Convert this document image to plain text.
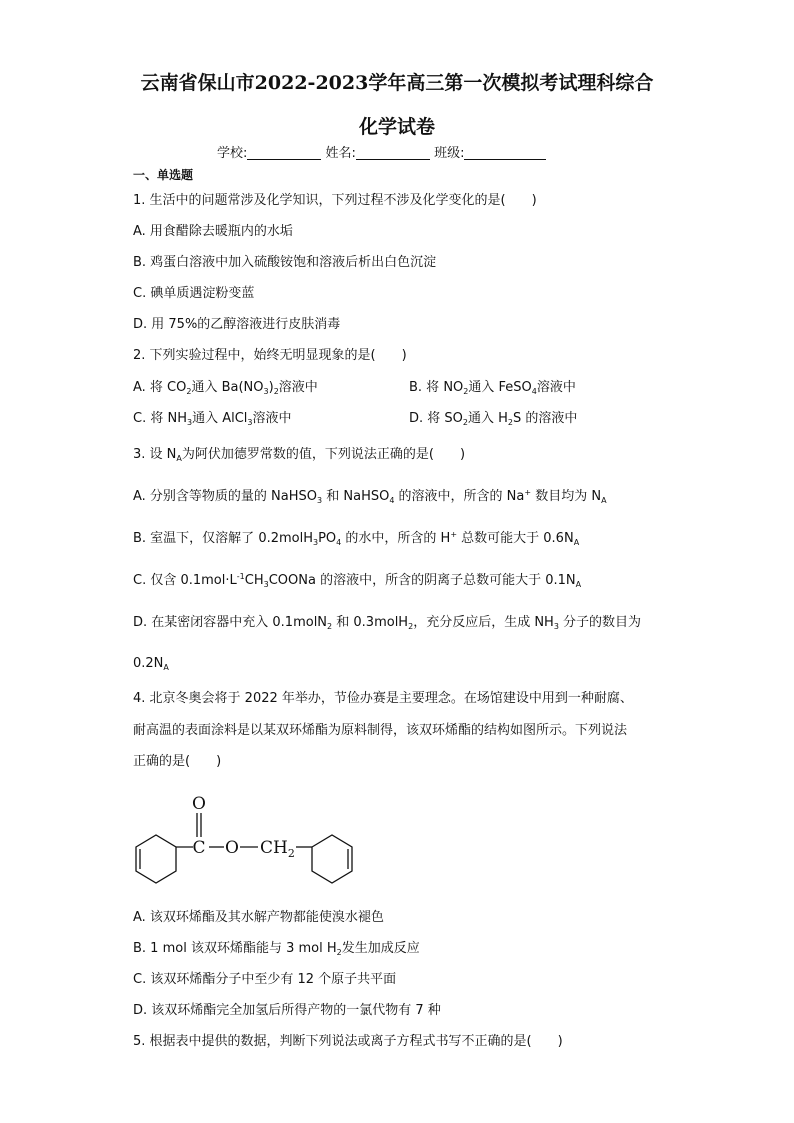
云南省保山市2022-2023学年高三第一次模拟考试理科综合
化学试卷
学校:	姓名:	班级:
一、单选题
1. 生活中的问题常涉及化学知识，下列过程不涉及化学变化的是(　　)
A. 用食醋除去暖瓶内的水垢
B. 鸡蛋白溶液中加入硫酸铵饱和溶液后析出白色沉淀
C. 碘单质遇淀粉变蓝
D. 用 75%的乙醇溶液进行皮肤消毒
2. 下列实验过程中，始终无明显现象的是(　　)
A. 将 $CO_2$通入 $Ba(NO_3)_2$溶液中	B. 将 $NO_2$通入 FeSO$_4$溶液中
C. 将 $NH_3$通入 AlCl$_3$溶液中	D. 将 $SO_2$通入 $H_2S$ 的溶液中
3. 设 $N_A$为阿伏加德罗常数的值，下列说法正确的是(　　)
A. 分别含等物质的量的 NaHSO$_3$ 和 NaHSO$_4$ 的溶液中，所含的 Na+ 数目均为 $N_A$
B. 室温下，仅溶解了 $0.2molH_3PO_4$ 的水中，所含的 H+ 总数可能大于 $0.6N_A$
C. 仅含 $0.1mol\cdot L^{-1}CH_3COONa$ 的溶液中，所含的阴离子总数可能大于 $0.1N_A$
D. 在某密闭容器中充入 0.1molN$_2$ 和 0.3molH$_2$，充分反应后，生成 $NH_3$ 分子的数目为
$0.2N_A$
4. 北京冬奥会将于 2022 年举办，节俭办赛是主要理念。在场馆建设中用到一种耐腐、
耐高温的表面涂料是以某双环烯酯为原料制得，该双环烯酯的结构如图所示。下列说法
正确的是(　　)
O
C O $CH_2$
A. 该双环烯酯及其水解产物都能使溴水褪色
B. 1 mol 该双环烯酯能与 3 mol $H_2$发生加成反应
C. 该双环烯酯分子中至少有 12 个原子共平面
D. 该双环烯酯完全加氢后所得产物的一氯代物有 7 种
5. 根据表中提供的数据，判断下列说法或离子方程式书写不正确的是(　　)
